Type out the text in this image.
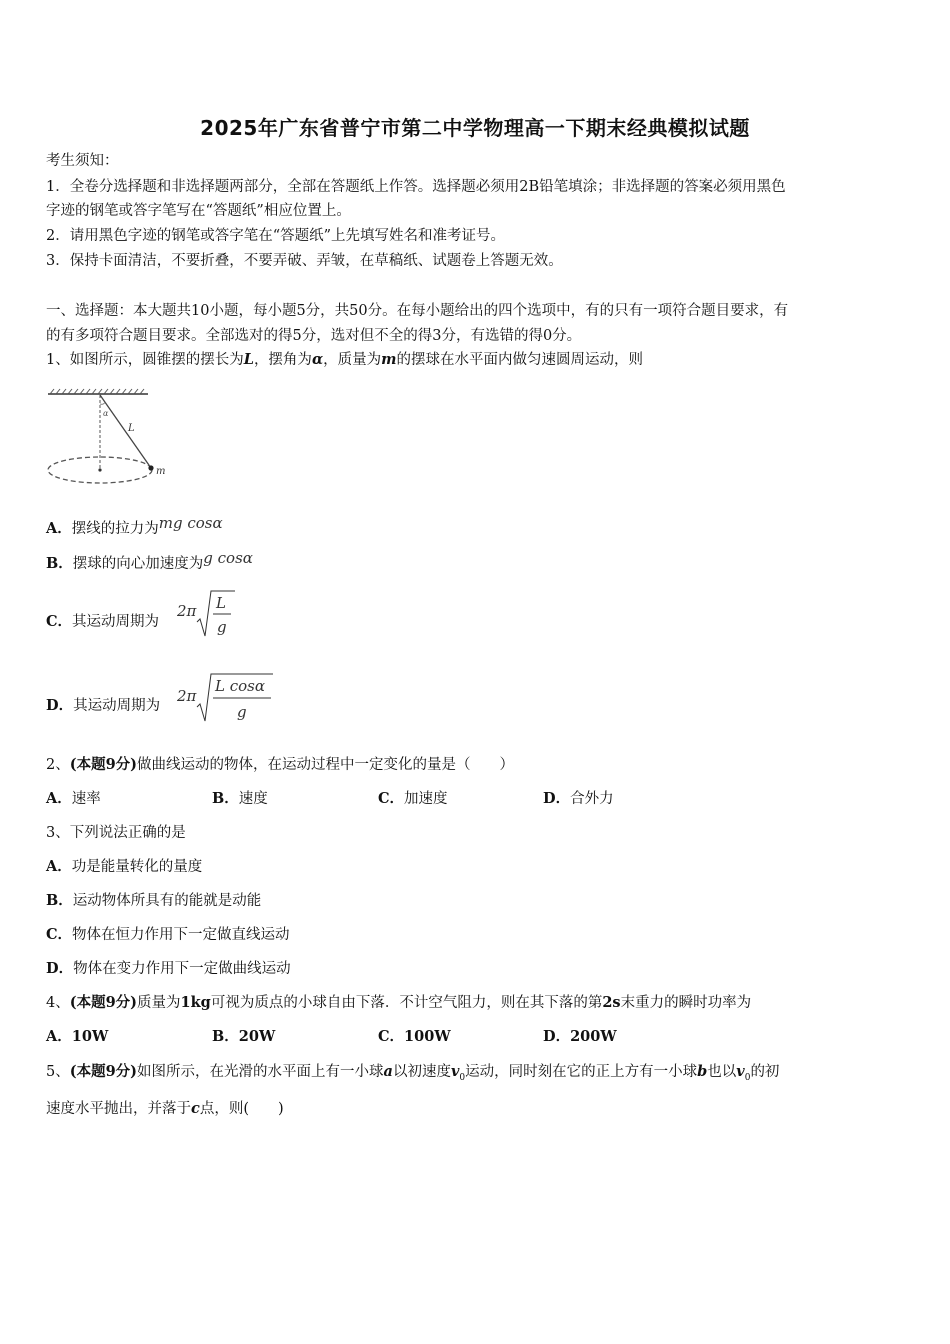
2025年广东省普宁市第二中学物理高一下期末经典模拟试题
考生须知：
1．全卷分选择题和非选择题两部分，全部在答题纸上作答。选择题必须用2B铅笔填涂；非选择题的答案必须用黑色
字迹的钢笔或答字笔写在“答题纸”相应位置上。
2．请用黑色字迹的钢笔或答字笔在“答题纸”上先填写姓名和准考证号。
3．保持卡面清洁，不要折叠，不要弄破、弄皱，在草稿纸、试题卷上答题无效。
一、选择题：本大题共10小题，每小题5分，共50分。在每小题给出的四个选项中，有的只有一项符合题目要求，有
的有多项符合题目要求。全部选对的得5分，选对但不全的得3分，有选错的得0分。
1、如图所示，圆锥摆的摆长为L，摆角为α，质量为m的摆球在水平面内做匀速圆周运动，则
α
L
m
A．摆线的拉力为mg cosα
B．摆球的向心加速度为g cosα
C．其运动周期为
2π L
g
D．其运动周期为
2π
L cosα
g
2、(本题9分)做曲线运动的物体，在运动过程中一定变化的量是（　　）
A．速率	B．速度	C．加速度	D．合外力
3、下列说法正确的是
A．功是能量转化的量度
B．运动物体所具有的能就是动能
C．物体在恒力作用下一定做直线运动
D．物体在变力作用下一定做曲线运动
4、(本题9分)质量为1kg可视为质点的小球自由下落．不计空气阻力，则在其下落的第2s末重力的瞬时功率为
A．10W	B．20W	C．100W	D．200W
5、(本题9分)如图所示，在光滑的水平面上有一小球a以初速度$v_0$运动，同时刻在它的正上方有一小球b也以$v_0$的初
速度水平抛出，并落于c点，则(　　)
